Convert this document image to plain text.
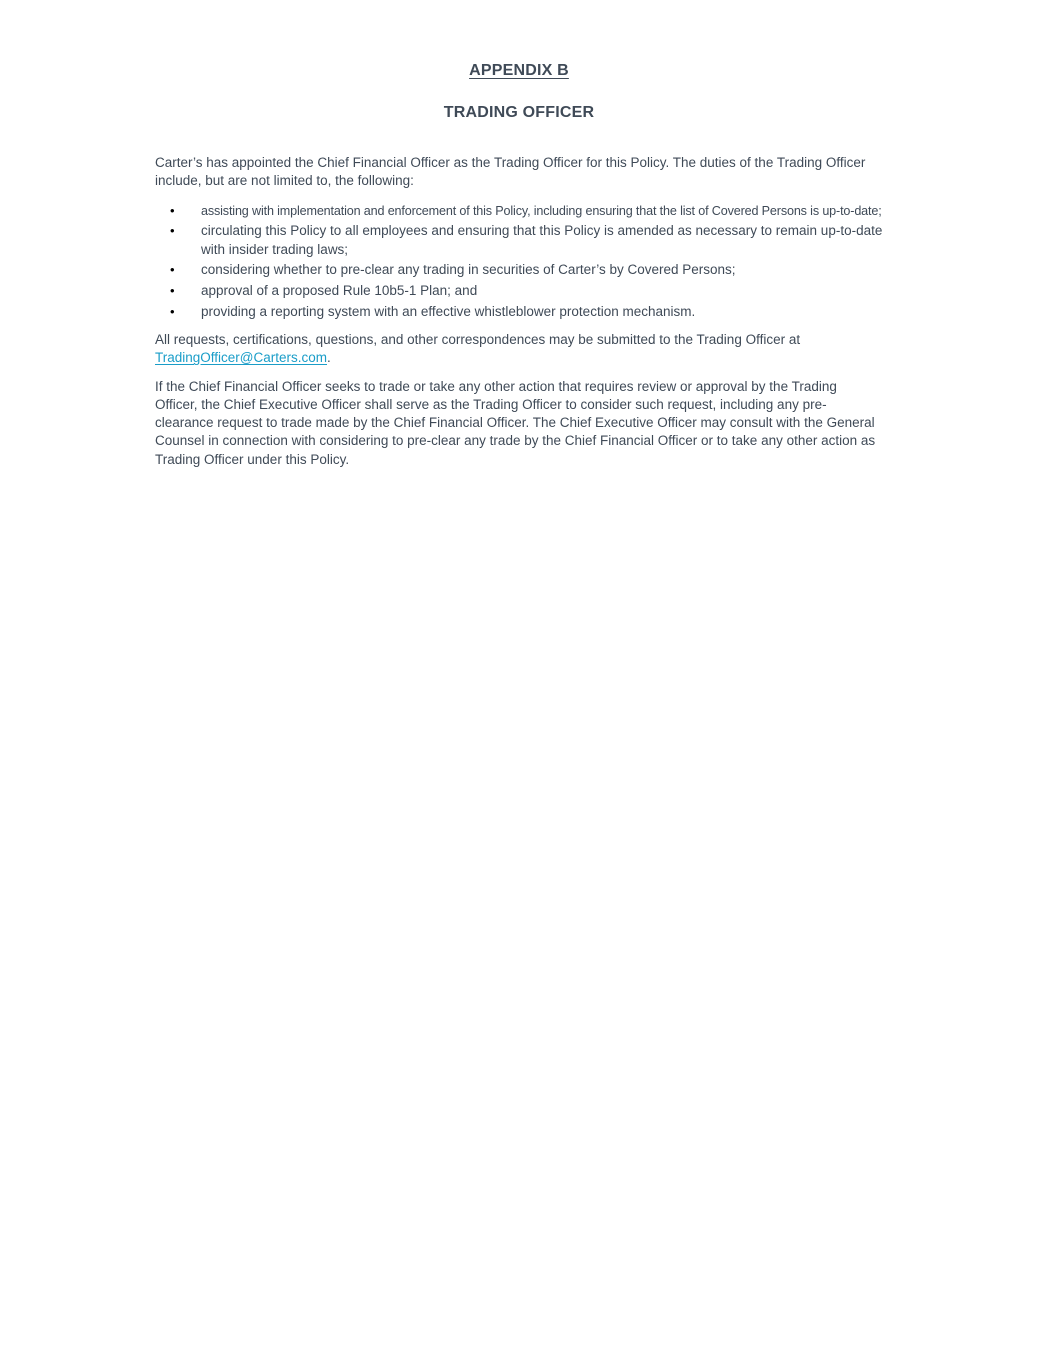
APPENDIX B
TRADING OFFICER

Carter’s has appointed the Chief Financial Officer as the Trading Officer for this Policy. The duties of the Trading Officer include, but are not limited to, the following:

• assisting with implementation and enforcement of this Policy, including ensuring that the list of Covered Persons is up-to-date;
• circulating this Policy to all employees and ensuring that this Policy is amended as necessary to remain up-to-date with insider trading laws;
• considering whether to pre-clear any trading in securities of Carter’s by Covered Persons;
• approval of a proposed Rule 10b5-1 Plan; and
• providing a reporting system with an effective whistleblower protection mechanism.

All requests, certifications, questions, and other correspondences may be submitted to the Trading Officer at
TradingOfficer@Carters.com.

If the Chief Financial Officer seeks to trade or take any other action that requires review or approval by the Trading Officer, the Chief Executive Officer shall serve as the Trading Officer to consider such request, including any pre-clearance request to trade made by the Chief Financial Officer. The Chief Executive Officer may consult with the General Counsel in connection with considering to pre-clear any trade by the Chief Financial Officer or to take any other action as Trading Officer under this Policy.
